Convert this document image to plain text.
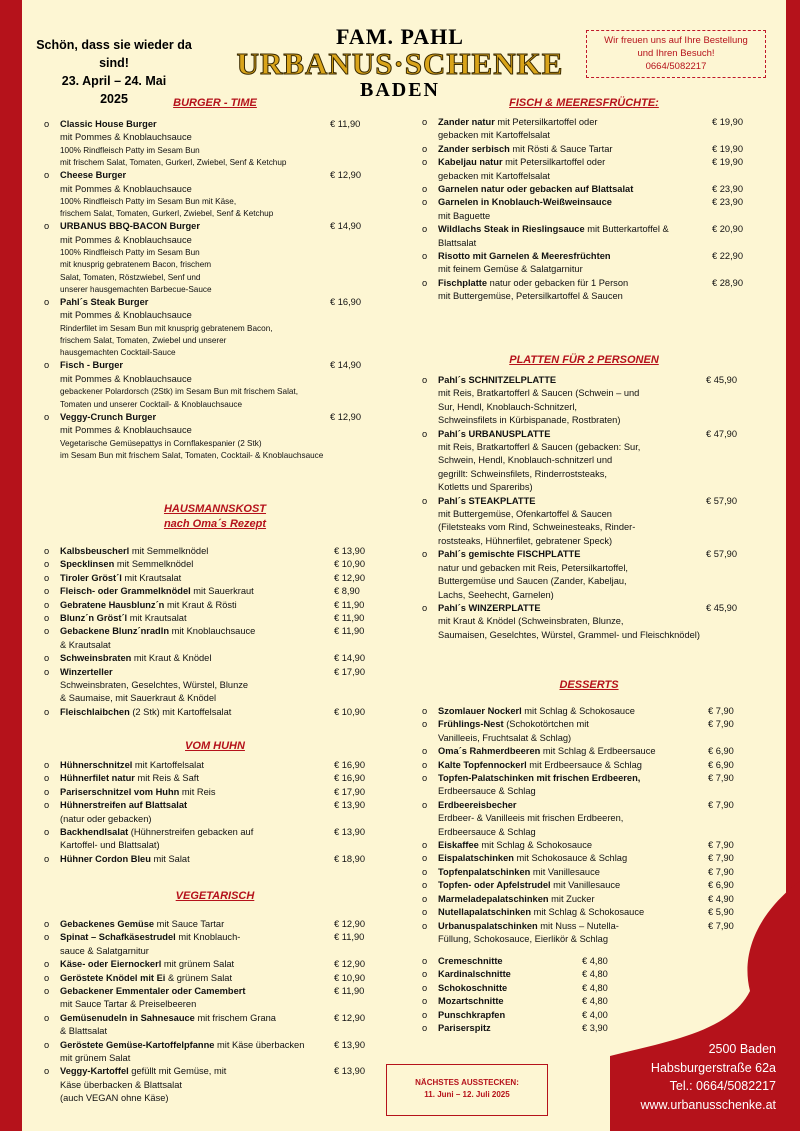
Schön, dass sie wieder da
sind!
23. April – 24. Mai
2025
FAM. PAHL
URBANUS·SCHENKE
BADEN
Wir freuen uns auf Ihre Bestellung
und Ihren Besuch!
0664/5082217
BURGER - TIME
HAUSMANNSKOST
nach Oma´s Rezept
VOM HUHN
VEGETARISCH
FISCH & MEERESFRÜCHTE:
PLATTEN FÜR 2 PERSONEN
DESSERTS
o Classic House Burger	€ 11,90
mit Pommes & Knoblauchsauce
100% Rindfleisch Patty im Sesam Bun
mit frischem Salat, Tomaten, Gurkerl, Zwiebel, Senf & Ketchup
o Cheese Burger	€ 12,90
mit Pommes & Knoblauchsauce
100% Rindfleisch Patty im Sesam Bun mit Käse,
frischem Salat, Tomaten, Gurkerl, Zwiebel, Senf & Ketchup
o URBANUS BBQ-BACON Burger	€ 14,90
mit Pommes & Knoblauchsauce
100% Rindfleisch Patty im Sesam Bun
mit knusprig gebratenem Bacon, frischem
Salat, Tomaten, Röstzwiebel, Senf und
unserer hausgemachten Barbecue-Sauce
o Pahl´s Steak Burger	€ 16,90
mit Pommes & Knoblauchsauce
Rinderfilet im Sesam Bun mit knusprig gebratenem Bacon,
frischem Salat, Tomaten, Zwiebel und unserer
hausgemachten Cocktail-Sauce
o Fisch - Burger	€ 14,90
mit Pommes & Knoblauchsauce
gebackener Polardorsch (2Stk) im Sesam Bun mit frischem Salat,
Tomaten und unserer Cocktail- & Knoblauchsauce
o Veggy-Crunch Burger	€ 12,90
mit Pommes & Knoblauchsauce
Vegetarische Gemüsepattys in Cornflakespanier (2 Stk)
im Sesam Bun mit frischem Salat, Tomaten, Cocktail- & Knoblauchsauce
o Kalbsbeuscherl mit Semmelknödel	€ 13,90
o Specklinsen mit Semmelknödel	€ 10,90
o Tiroler Gröst´l mit Krautsalat	€ 12,90
o Fleisch- oder Grammelknödel mit Sauerkraut	€ 8,90
o Gebratene Hausblunz´n mit Kraut & Rösti	€ 11,90
o Blunz´n Gröst´l mit Krautsalat	€ 11,90
o Gebackene Blunz´nradln mit Knoblauchsauce	€ 11,90
& Krautsalat
o Schweinsbraten mit Kraut & Knödel	€ 14,90
o Winzerteller	€ 17,90
Schweinsbraten, Geselchtes, Würstel, Blunze
& Saumaise, mit Sauerkraut & Knödel
o Fleischlaibchen (2 Stk) mit Kartoffelsalat	€ 10,90
o Hühnerschnitzel mit Kartoffelsalat	€ 16,90
o Hühnerfilet natur mit Reis & Saft	€ 16,90
o Pariserschnitzel vom Huhn mit Reis	€ 17,90
o Hühnerstreifen auf Blattsalat	€ 13,90
(natur oder gebacken)
o Backhendlsalat (Hühnerstreifen gebacken auf	€ 13,90
Kartoffel- und Blattsalat)
o Hühner Cordon Bleu mit Salat	€ 18,90
o Gebackenes Gemüse mit Sauce Tartar	€ 12,90
o Spinat – Schafkäsestrudel mit Knoblauch-	€ 11,90
sauce & Salatgarnitur
o Käse- oder Eiernockerl mit grünem Salat	€ 12,90
o Geröstete Knödel mit Ei & grünem Salat	€ 10,90
o Gebackener Emmentaler oder Camembert	€ 11,90
mit Sauce Tartar & Preiselbeeren
o Gemüsenudeln in Sahnesauce mit frischem Grana	€ 12,90
& Blattsalat
o Geröstete Gemüse-Kartoffelpfanne mit Käse überbacken	€ 13,90
mit grünem Salat
o Veggy-Kartoffel gefüllt mit Gemüse, mit	€ 13,90
Käse überbacken & Blattsalat
(auch VEGAN ohne Käse)
o Zander natur mit Petersilkartoffel oder	€ 19,90
gebacken mit Kartoffelsalat
o Zander serbisch mit Rösti & Sauce Tartar	€ 19,90
o Kabeljau natur mit Petersilkartoffel oder	€ 19,90
gebacken mit Kartoffelsalat
o Garnelen natur oder gebacken auf Blattsalat	€ 23,90
o Garnelen in Knoblauch-Weißweinsauce	€ 23,90
mit Baguette
o Wildlachs Steak in Rieslingsauce mit Butterkartoffel &	€ 20,90
Blattsalat
o Risotto mit Garnelen & Meeresfrüchten	€ 22,90
mit feinem Gemüse & Salatgarnitur
o Fischplatte natur oder gebacken für 1 Person	€ 28,90
mit Buttergemüse, Petersilkartoffel & Saucen
o Pahl´s SCHNITZELPLATTE	€ 45,90
mit Reis, Bratkartofferl & Saucen (Schwein – und
Sur, Hendl, Knoblauch-Schnitzerl,
Schweinsfilets in Kürbispanade, Rostbraten)
o Pahl´s URBANUSPLATTE	€ 47,90
mit Reis, Bratkartofferl & Saucen (gebacken: Sur,
Schwein, Hendl, Knoblauch-schnitzerl und
gegrillt: Schweinsfilets, Rinderroststeaks,
Kotletts und Spareribs)
o Pahl´s STEAKPLATTE	€ 57,90
mit Buttergemüse, Ofenkartoffel & Saucen
(Filetsteaks vom Rind, Schweinesteaks, Rinder-
roststeaks, Hühnerfilet, gebratener Speck)
o Pahl´s gemischte FISCHPLATTE	€ 57,90
natur und gebacken mit Reis, Petersilkartoffel,
Buttergemüse und Saucen (Zander, Kabeljau,
Lachs, Seehecht, Garnelen)
o Pahl´s WINZERPLATTE	€ 45,90
mit Kraut & Knödel (Schweinsbraten, Blunze,
Saumaisen, Geselchtes, Würstel, Grammel- und Fleischknödel)
o Szomlauer Nockerl mit Schlag & Schokosauce	€ 7,90
o Frühlings-Nest (Schokotörtchen mit	€ 7,90
Vanilleeis, Fruchtsalat & Schlag)
o Oma´s Rahmerdbeeren mit Schlag & Erdbeersauce	€ 6,90
o Kalte Topfennockerl mit Erdbeersauce & Schlag	€ 6,90
o Topfen-Palatschinken mit frischen Erdbeeren,	€ 7,90
Erdbeersauce & Schlag
o Erdbeereisbecher	€ 7,90
Erdbeer- & Vanilleeis mit frischen Erdbeeren,
Erdbeersauce & Schlag
o Eiskaffee mit Schlag & Schokosauce	€ 7,90
o Eispalatschinken mit Schokosauce & Schlag	€ 7,90
o Topfenpalatschinken mit Vanillesauce	€ 7,90
o Topfen- oder Apfelstrudel mit Vanillesauce	€ 6,90
o Marmeladepalatschinken mit Zucker	€ 4,90
o Nutellapalatschinken mit Schlag & Schokosauce	€ 5,90
o Urbanuspalatschinken mit Nuss – Nutella-	€ 7,90
Füllung, Schokosauce, Eierlikör & Schlag
o Cremeschnitte	€ 4,80
o Kardinalschnitte	€ 4,80
o Schokoschnitte	€ 4,80
o Mozartschnitte	€ 4,80
o Punschkrapfen	€ 4,00
o Pariserspitz	€ 3,90
NÄCHSTES AUSSTECKEN:
11. Juni – 12. Juli 2025
2500 Baden
Habsburgerstraße 62a
Tel.: 0664/5082217
www.urbanusschenke.at
